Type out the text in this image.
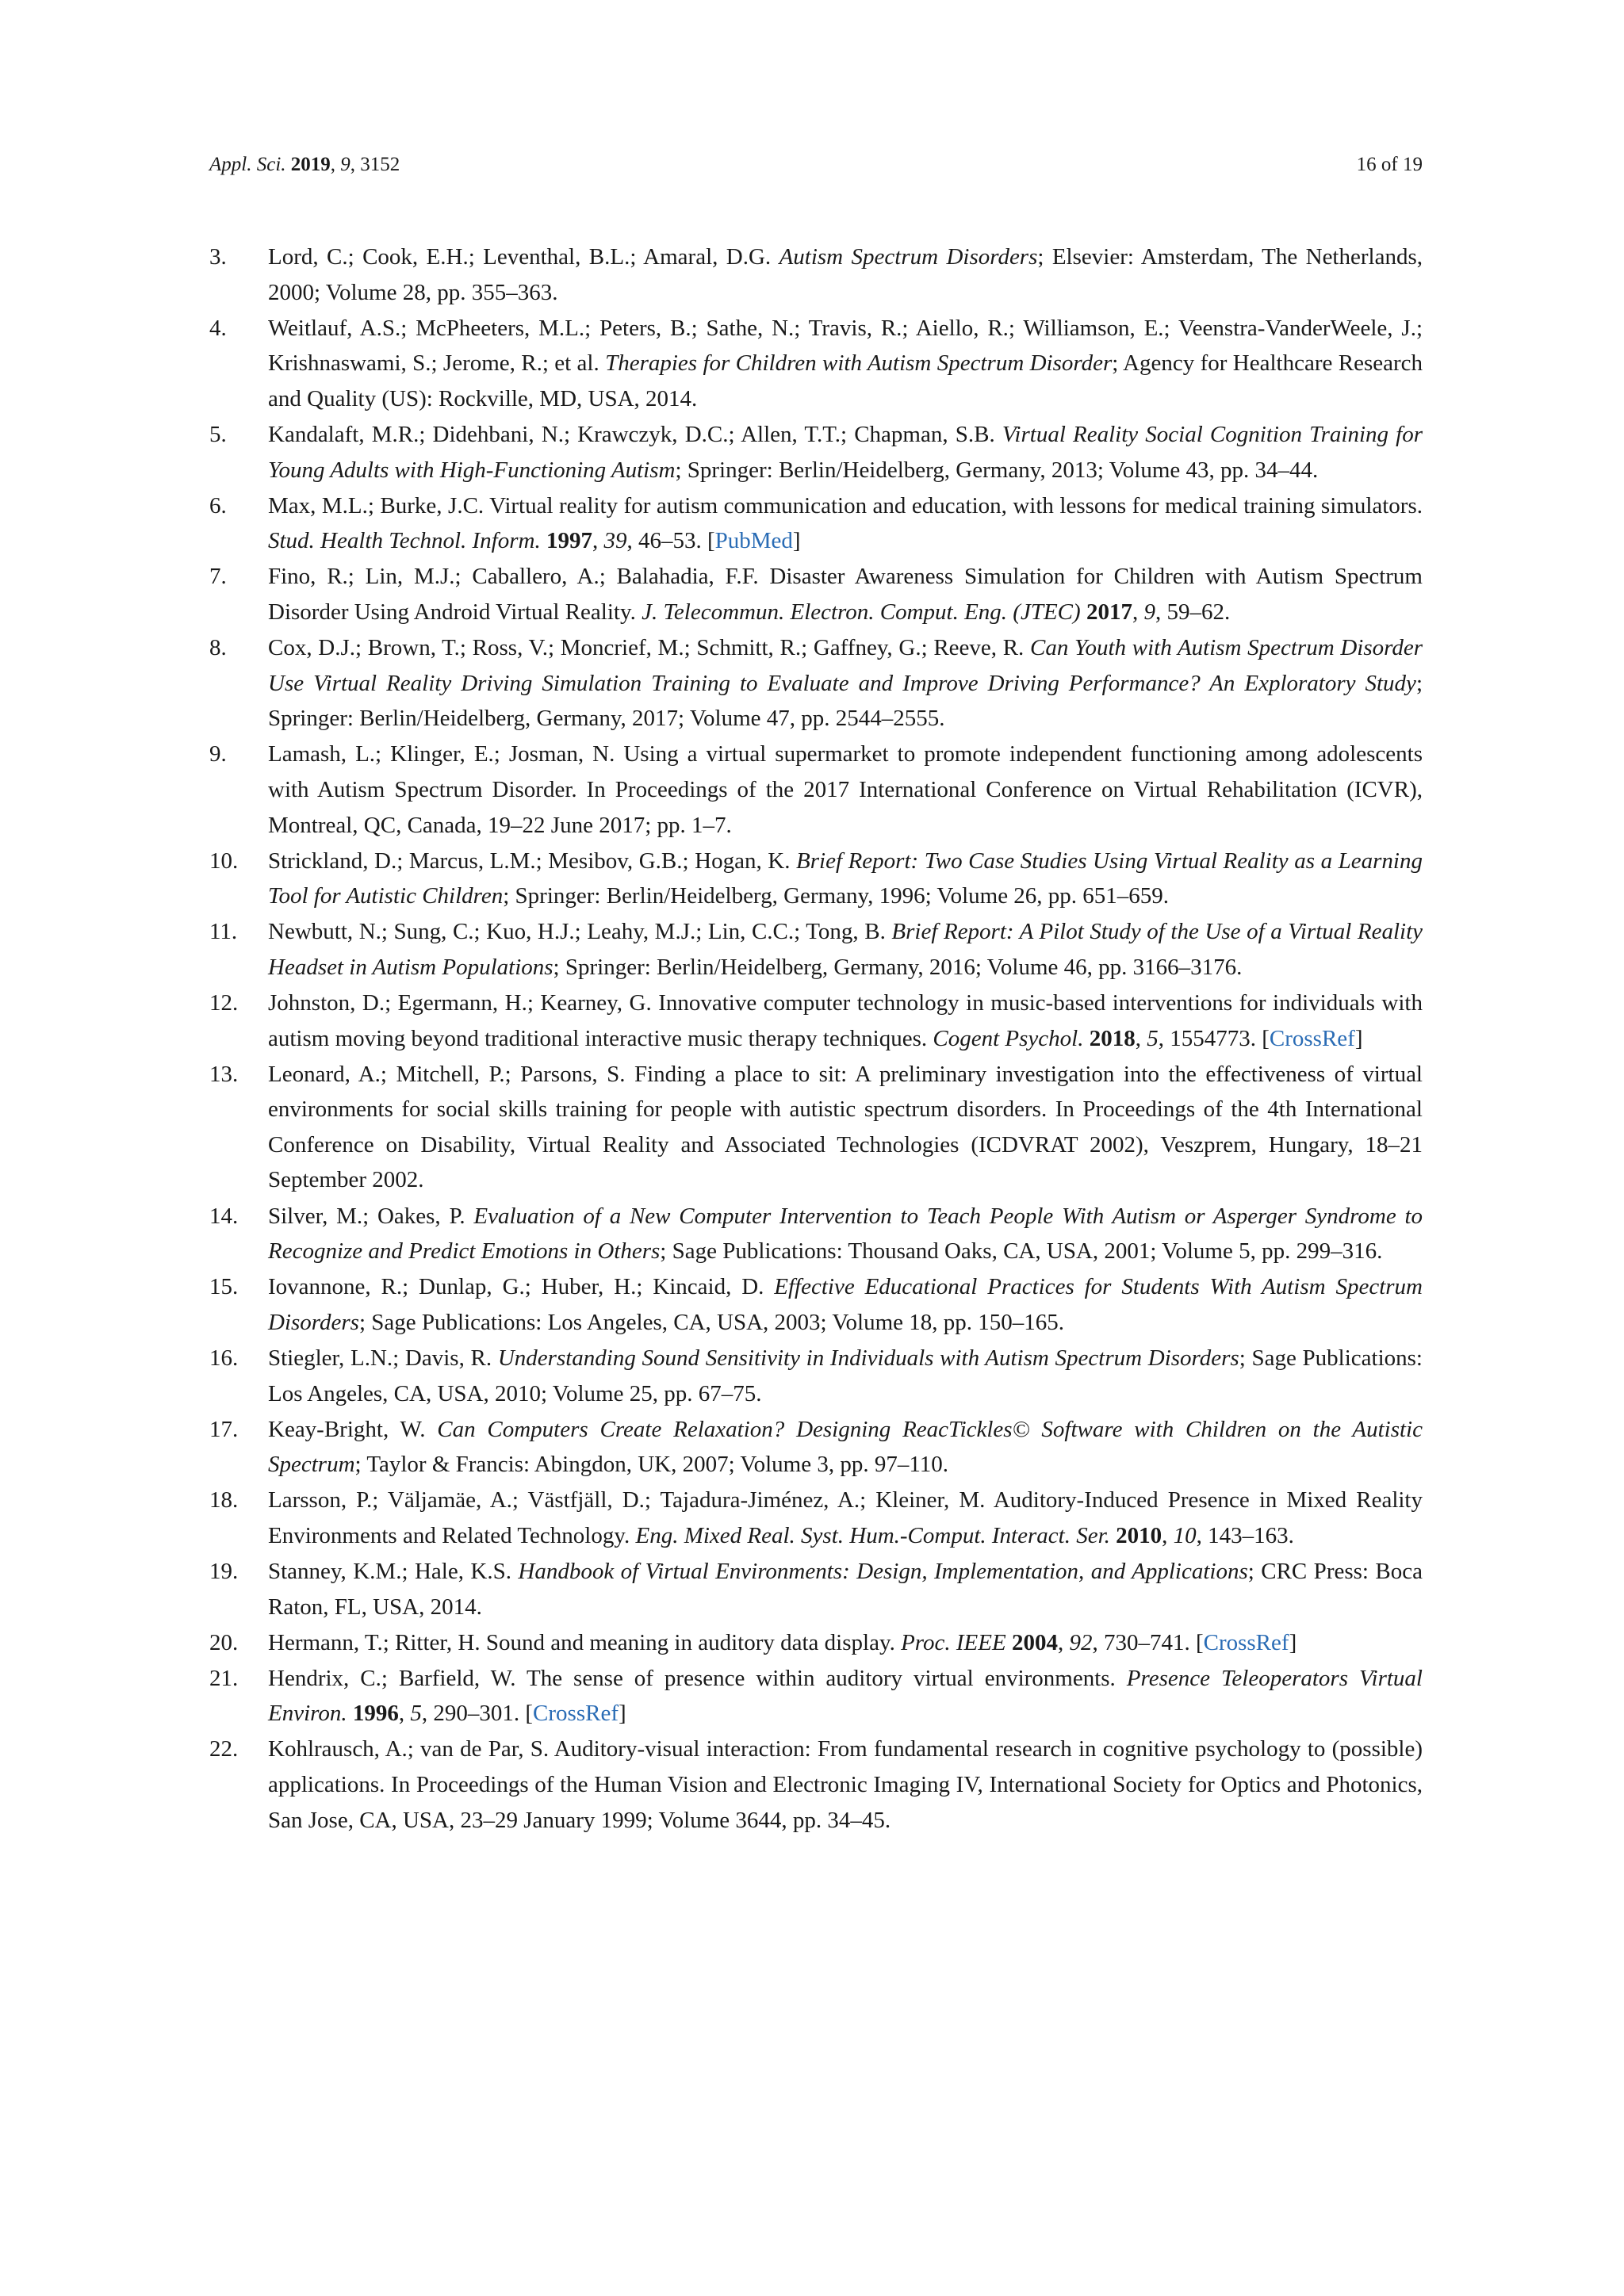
Appl. Sci. 2019, 9, 3152	16 of 19
3. Lord, C.; Cook, E.H.; Leventhal, B.L.; Amaral, D.G. Autism Spectrum Disorders; Elsevier: Amsterdam, The Netherlands, 2000; Volume 28, pp. 355–363.
4. Weitlauf, A.S.; McPheeters, M.L.; Peters, B.; Sathe, N.; Travis, R.; Aiello, R.; Williamson, E.; Veenstra-VanderWeele, J.; Krishnaswami, S.; Jerome, R.; et al. Therapies for Children with Autism Spectrum Disorder; Agency for Healthcare Research and Quality (US): Rockville, MD, USA, 2014.
5. Kandalaft, M.R.; Didehbani, N.; Krawczyk, D.C.; Allen, T.T.; Chapman, S.B. Virtual Reality Social Cognition Training for Young Adults with High-Functioning Autism; Springer: Berlin/Heidelberg, Germany, 2013; Volume 43, pp. 34–44.
6. Max, M.L.; Burke, J.C. Virtual reality for autism communication and education, with lessons for medical training simulators. Stud. Health Technol. Inform. 1997, 39, 46–53. [PubMed]
7. Fino, R.; Lin, M.J.; Caballero, A.; Balahadia, F.F. Disaster Awareness Simulation for Children with Autism Spectrum Disorder Using Android Virtual Reality. J. Telecommun. Electron. Comput. Eng. (JTEC) 2017, 9, 59–62.
8. Cox, D.J.; Brown, T.; Ross, V.; Moncrief, M.; Schmitt, R.; Gaffney, G.; Reeve, R. Can Youth with Autism Spectrum Disorder Use Virtual Reality Driving Simulation Training to Evaluate and Improve Driving Performance? An Exploratory Study; Springer: Berlin/Heidelberg, Germany, 2017; Volume 47, pp. 2544–2555.
9. Lamash, L.; Klinger, E.; Josman, N. Using a virtual supermarket to promote independent functioning among adolescents with Autism Spectrum Disorder. In Proceedings of the 2017 International Conference on Virtual Rehabilitation (ICVR), Montreal, QC, Canada, 19–22 June 2017; pp. 1–7.
10. Strickland, D.; Marcus, L.M.; Mesibov, G.B.; Hogan, K. Brief Report: Two Case Studies Using Virtual Reality as a Learning Tool for Autistic Children; Springer: Berlin/Heidelberg, Germany, 1996; Volume 26, pp. 651–659.
11. Newbutt, N.; Sung, C.; Kuo, H.J.; Leahy, M.J.; Lin, C.C.; Tong, B. Brief Report: A Pilot Study of the Use of a Virtual Reality Headset in Autism Populations; Springer: Berlin/Heidelberg, Germany, 2016; Volume 46, pp. 3166–3176.
12. Johnston, D.; Egermann, H.; Kearney, G. Innovative computer technology in music-based interventions for individuals with autism moving beyond traditional interactive music therapy techniques. Cogent Psychol. 2018, 5, 1554773. [CrossRef]
13. Leonard, A.; Mitchell, P.; Parsons, S. Finding a place to sit: A preliminary investigation into the effectiveness of virtual environments for social skills training for people with autistic spectrum disorders. In Proceedings of the 4th International Conference on Disability, Virtual Reality and Associated Technologies (ICDVRAT 2002), Veszprem, Hungary, 18–21 September 2002.
14. Silver, M.; Oakes, P. Evaluation of a New Computer Intervention to Teach People With Autism or Asperger Syndrome to Recognize and Predict Emotions in Others; Sage Publications: Thousand Oaks, CA, USA, 2001; Volume 5, pp. 299–316.
15. Iovannone, R.; Dunlap, G.; Huber, H.; Kincaid, D. Effective Educational Practices for Students With Autism Spectrum Disorders; Sage Publications: Los Angeles, CA, USA, 2003; Volume 18, pp. 150–165.
16. Stiegler, L.N.; Davis, R. Understanding Sound Sensitivity in Individuals with Autism Spectrum Disorders; Sage Publications: Los Angeles, CA, USA, 2010; Volume 25, pp. 67–75.
17. Keay-Bright, W. Can Computers Create Relaxation? Designing ReacTickles© Software with Children on the Autistic Spectrum; Taylor & Francis: Abingdon, UK, 2007; Volume 3, pp. 97–110.
18. Larsson, P.; Väljamäe, A.; Västfjäll, D.; Tajadura-Jiménez, A.; Kleiner, M. Auditory-Induced Presence in Mixed Reality Environments and Related Technology. Eng. Mixed Real. Syst. Hum.-Comput. Interact. Ser. 2010, 10, 143–163.
19. Stanney, K.M.; Hale, K.S. Handbook of Virtual Environments: Design, Implementation, and Applications; CRC Press: Boca Raton, FL, USA, 2014.
20. Hermann, T.; Ritter, H. Sound and meaning in auditory data display. Proc. IEEE 2004, 92, 730–741. [CrossRef]
21. Hendrix, C.; Barfield, W. The sense of presence within auditory virtual environments. Presence Teleoperators Virtual Environ. 1996, 5, 290–301. [CrossRef]
22. Kohlrausch, A.; van de Par, S. Auditory-visual interaction: From fundamental research in cognitive psychology to (possible) applications. In Proceedings of the Human Vision and Electronic Imaging IV, International Society for Optics and Photonics, San Jose, CA, USA, 23–29 January 1999; Volume 3644, pp. 34–45.
